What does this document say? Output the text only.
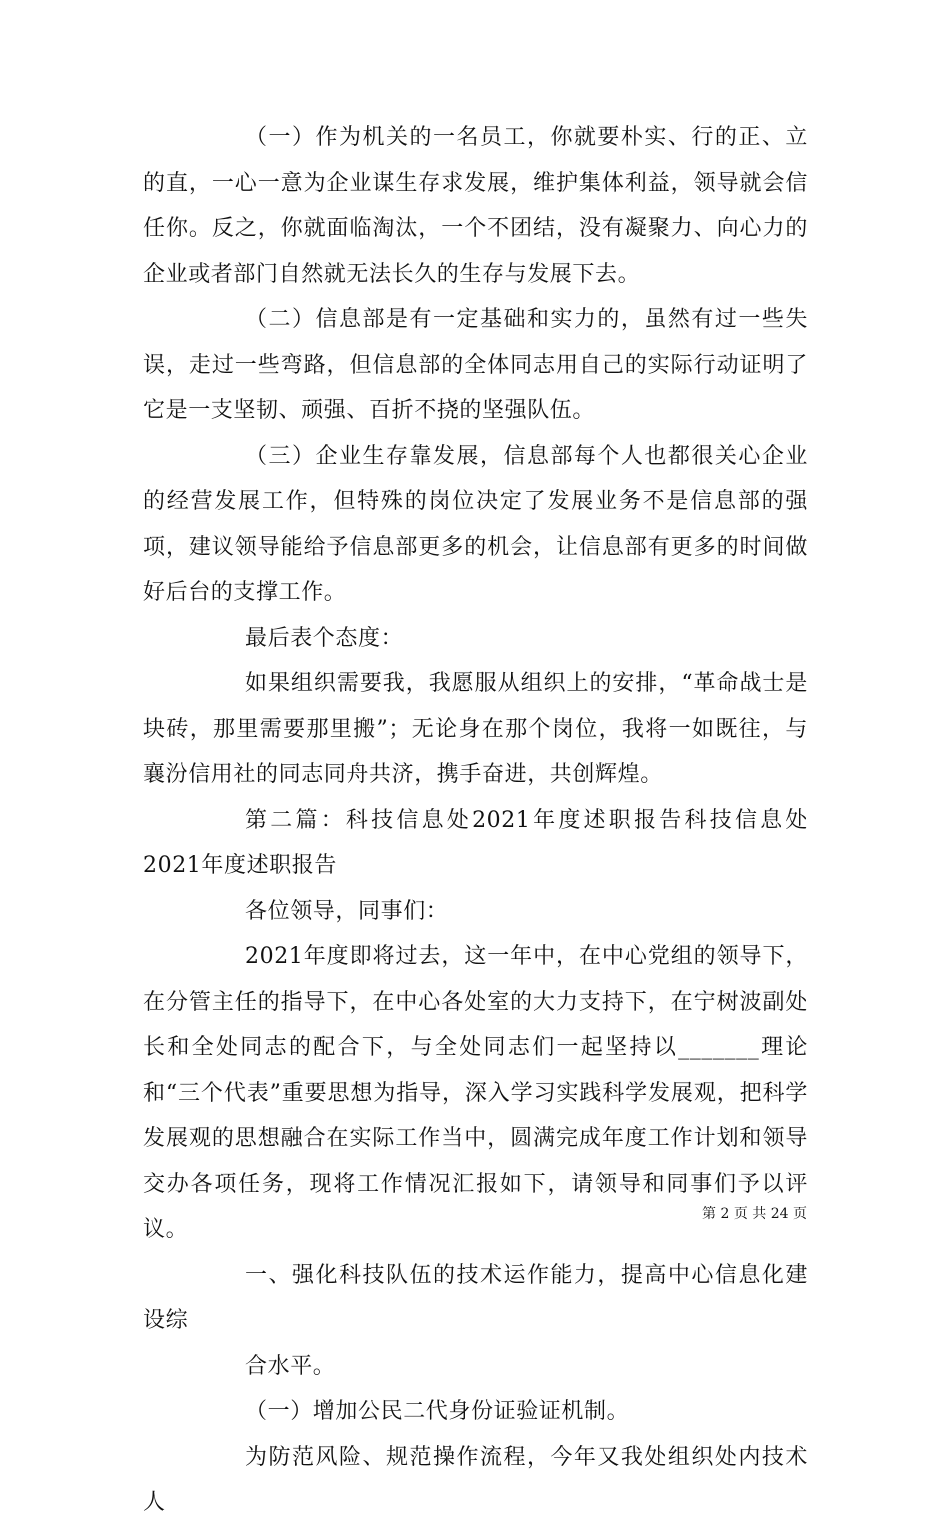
（一）作为机关的一名员工，你就要朴实、行的正、立的直，一心一意为企业谋生存求发展，维护集体利益，领导就会信任你。反之，你就面临淘汰，一个不团结，没有凝聚力、向心力的企业或者部门自然就无法长久的生存与发展下去。

（二）信息部是有一定基础和实力的，虽然有过一些失误，走过一些弯路，但信息部的全体同志用自己的实际行动证明了它是一支坚韧、顽强、百折不挠的坚强队伍。

（三）企业生存靠发展，信息部每个人也都很关心企业的经营发展工作，但特殊的岗位决定了发展业务不是信息部的强项，建议领导能给予信息部更多的机会，让信息部有更多的时间做好后台的支撑工作。

最后表个态度：

如果组织需要我，我愿服从组织上的安排，“革命战士是块砖，那里需要那里搬”；无论身在那个岗位，我将一如既往，与襄汾信用社的同志同舟共济，携手奋进，共创辉煌。

第二篇：科技信息处2021年度述职报告科技信息处2021年度述职报告

各位领导，同事们：

2021年度即将过去，这一年中，在中心党组的领导下，在分管主任的指导下，在中心各处室的大力支持下，在宁树波副处长和全处同志的配合下，与全处同志们一起坚持以_______理论和“三个代表”重要思想为指导，深入学习实践科学发展观，把科学发展观的思想融合在实际工作当中，圆满完成年度工作计划和领导交办各项任务，现将工作情况汇报如下，请领导和同事们予以评议。

一、强化科技队伍的技术运作能力，提高中心信息化建设综

合水平。

（一）增加公民二代身份证验证机制。

为防范风险、规范操作流程，今年又我处组织处内技术人

第 2 页 共 24 页
